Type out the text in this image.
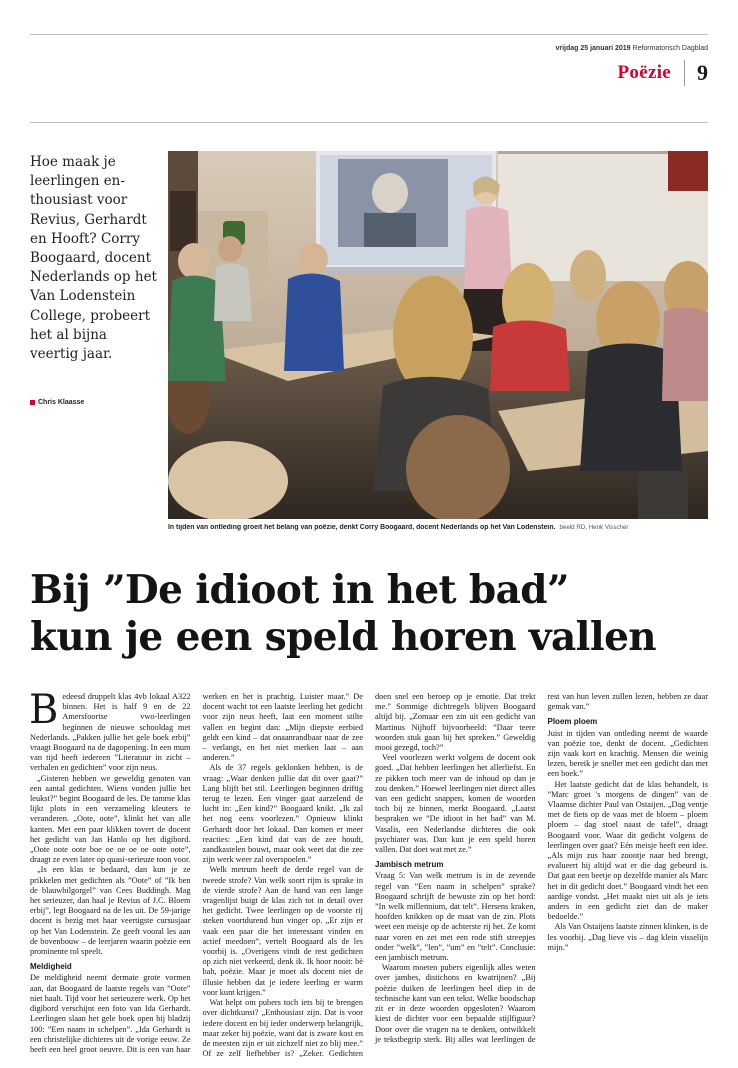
vrijdag 25 januari 2019 Reformatorisch Dagblad
Poëzie 9
Hoe maak je leerlingen enthousiast voor Revius, Gerhardt en Hooft? Corry Boogaard, docent Nederlands op het Van Lodenstein College, probeert het al bijna veertig jaar.
Chris Klaasse
In tijden van ontleding groeit het belang van poëzie, denkt Corry Boogaard, docent Nederlands op het Van Lodenstein. beeld RD, Henk Visscher
Bij ”De idioot in het bad”
kun je een speld horen vallen

Bedeesd druppelt klas 4vb lokaal A322 binnen. Het is half 9 en de 22 Amersfoortse vwo-leerlingen beginnen de nieuwe schooldag met Nederlands. „Pakken jullie het gele boek erbij” vraagt Boogaard na de dagopening. In een mum van tijd heeft iedereen ”Literatuur in zicht – verhalen en gedichten” voor zijn neus.

„Gisteren hebben we geweldig genoten van een aantal gedichten. Wiens vonden jullie het leukst?” begint Boogaard de les. De tamme klas lijkt plots in een verzameling kleuters te veranderen. „Oote, oote”, klinkt het van alle kanten. Met een paar klikken tovert de docent het gedicht van Jan Hanlo op het digibord. „Oote oote oote boe oe oe oe oe oote oote”, draagt ze even later op quasi-serieuze toon voor.

„Is een klas te bedaard, dan kun je ze prikkelen met gedichten als ”Oote” of ”Ik ben de blauwbilgorgel” van Cees Buddingh. Mag het serieuzer, dan haal je Revius of J.C. Bloem erbij”, legt Boogaard na de les uit. De 59-jarige docent is bezig met haar veertigste cursusjaar op het Van Lodenstein. Ze geeft vooral les aan de bovenbouw – de leerjaren waarin poëzie een prominente rol speelt.

Meldigheid

De meldigheid neemt dermate grote vormen aan, dat Boogaard de laatste regels van ”Oote” niet haalt. Tijd voor het serieuzere werk. Op het digibord verschijnt een foto van Ida Gerhardt. Leerlingen slaan het gele boek open bij bladzij 100: ”Een naam in schelpen”. „Ida Gerhardt is een christelijke dichteres uit de vorige eeuw. Ze heeft een heel groot oeuvre. Dit is een van haar werken en het is prachtig. Luister maar.” De docent wacht tot een laatste leerling het gedicht voor zijn neus heeft, laat een moment stilte vallen en begint dan: „Mijn diepste eerbied geldt een kind – dat onaanrandbaar naar de zee – verlangt, en het niet merken laat – aan anderen.”

Als de 37 regels geklonken hebben, is de vraag: „Waar denken jullie dat dit over gaat?” Lang blijft het stil. Leerlingen beginnen driftig terug te lezen. Een vinger gaat aarzelend de lucht in: „Een kind?” Boogaard knikt. „Ik zal het nog eens voorlezen.” Opnieuw klinkt Gerhardt door het lokaal. Dan komen er meer reacties: „Een kind dat van de zee houdt, zandkastelen bouwt, maar ook weet dat die zee zijn werk weer zal overspoelen.”

Welk metrum heeft de derde regel van de tweede strofe? Van welk soort rijm is sprake in de vierde strofe? Aan de hand van een lange vragenlijst buigt de klas zich tot in detail over het gedicht. Twee leerlingen op de voorste rij steken voortdurend hun vinger op. „Er zijn er vaak een paar die het interessant vinden en actief meedoen”, vertelt Boogaard als de les voorbij is. „Overigens vindt de rest gedichten op zich niet verkeerd, denk ik. Ik hoor nooit: bè bah, poëzie. Maar je moet als docent niet de illusie hebben dat je iedere leerling er warm voor kunt krijgen.”

Wat helpt om pubers toch iets bij te brengen over dichtkunst? „Enthousiast zijn. Dat is voor iedere docent en bij ieder onderwerp belangrijk, maar zeker bij poëzie, want dat is zware kost en de meesten zijn er uit zichzelf niet zo blij mee.” Of ze zelf liefhebber is? „Zeker. Gedichten doen snel een beroep op je emotie. Dat trekt me.” Sommige dichtregels blijven Boogaard altijd bij. „Zomaar een zin uit een gedicht van Martinus Nijhoff bijvoorbeeld: ”Daar teere woorden stuk gaan bij het spreken.” Geweldig mooi gezegd, toch?”

Veel voorlezen werkt volgens de docent ook goed. „Dat hebben leerlingen het allerliefst. En ze pikken toch meer van de inhoud op dan je zou denken.” Hoewel leerlingen niet direct alles van een gedicht snappen, komen de woorden toch bij ze binnen, merkt Boogaard. „Laatst bespraken we ”De idioot in het bad” van M. Vasalis, een Nederlandse dichteres die ook psychiater was. Dan kun je een speld horen vallen. Dat doet wat met ze.”

Jambisch metrum

Vraag 5: Van welk metrum is in de zevende regel van ”Een naam in schelpen” sprake? Boogaard schrijft de bewuste zin op het bord: ”In welk millennium, dat telt”. Hersens kraken, hoofden knikken op de maat van de zin. Plots weet een meisje op de achterste rij het. Ze komt naar voren en zet met een rode stift streepjes onder ”welk”, ”len”, ”um” en ”telt”. Conclusie: een jambisch metrum.

Waarom moeten pubers eigenlijk alles weten over jambes, distichons en kwatrijnen? „Bij poëzie duiken de leerlingen heel diep in de technische kant van een tekst. Welke boodschap zit er in deze woorden opgesloten? Waarom kiest de dichter voor een bepaalde stijlfiguur? Door over die vragen na te denken, ontwikkelt je tekstbegrip sterk. Bij alles wat leerlingen de rest van hun leven zullen lezen, hebben ze daar gemak van.”

Ploem ploem

Juist in tijden van ontleding neemt de waarde van poëzie toe, denkt de docent. „Gedichten zijn vaak kort en krachtig. Mensen die weinig lezen, bereik je sneller met een gedicht dan met een boek.”

Het laatste gedicht dat de klas behandelt, is ”Marc groet 's morgens de dingen” van de Vlaamse dichter Paul van Ostaijen. „Dag ventje met de fiets op de vaas met de bloem – ploem ploem – dag stoel naast de tafel”, draagt Boogaard voor. Waar dit gedicht volgens de leerlingen over gaat? Eén meisje heeft een idee. „Als mijn zus haar zoontje naar bed brengt, evalueert hij altijd wat er die dag gebeurd is. Dat gaat een beetje op dezelfde manier als Marc het in dit gedicht doet.” Boogaard vindt het een aardige vondst. „Het maakt niet uit als je iets anders in een gedicht ziet dan de maker bedoelde.”

Als Van Ostaijens laatste zinnen klinken, is de les voorbij. „Dag lieve vis – dag klein visselijn mijn.”
